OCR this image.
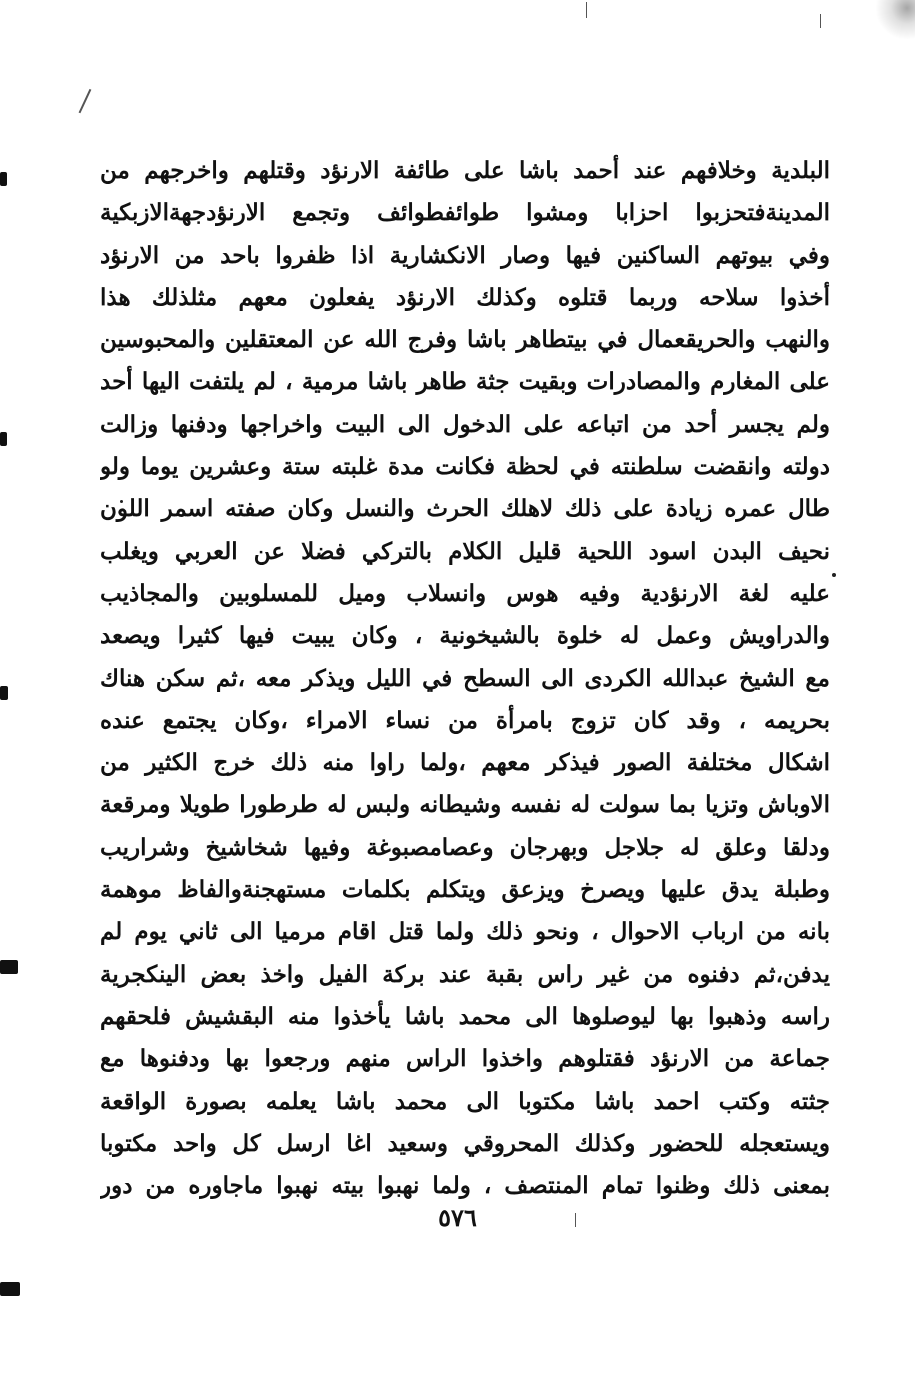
البلدية وخلافهم عند أحمد باشا على طائفة الارنؤد وقتلهم واخرجهم من
المدينةفتحزبوا احزابا ومشوا طوائفطوائف وتجمع الارنؤدجهةالازبكية
وفي بيوتهم الساكنين فيها وصار الانكشارية اذا ظفروا باحد من الارنؤد
أخذوا سلاحه وربما قتلوه وكذلك الارنؤد يفعلون معهم مثلذلك هذا
والنهب والحريقعمال في بيتطاهر باشا وفرج الله عن المعتقلين والمحبوسين
على المغارم والمصادرات وبقيت جثة طاهر باشا مرمية ، لم يلتفت اليها أحد
ولم يجسر أحد من اتباعه على الدخول الى البيت واخراجها ودفنها وزالت
دولته وانقضت سلطنته في لحظة فكانت مدة غلبته ستة وعشرين يوما ولو
طال عمره زيادة على ذلك لاهلك الحرث والنسل وكان صفته اسمر اللون
نحيف البدن اسود اللحية قليل الكلام بالتركي فضلا عن العربي ويغلب
عليه لغة الارنؤدية وفيه هوس وانسلاب وميل للمسلوبين والمجاذيب
والدراويش وعمل له خلوة بالشيخونية ، وكان يبيت فيها كثيرا ويصعد
مع الشيخ عبدالله الكردى الى السطح في الليل ويذكر معه ،ثم سكن هناك
بحريمه ، وقد كان تزوج بامرأة من نساء الامراء ،وكان يجتمع عنده
اشكال مختلفة الصور فيذكر معهم ،ولما راوا منه ذلك خرج الكثير من
الاوباش وتزيا بما سولت له نفسه وشيطانه ولبس له طرطورا طويلا ومرقعة
ودلقا وعلق له جلاجل وبهرجان وعصامصبوغة وفيها شخاشيخ وشراريب
وطبلة يدق عليها ويصرخ ويزعق ويتكلم بكلمات مستهجنةوالفاظ موهمة
بانه من ارباب الاحوال ، ونحو ذلك ولما قتل اقام مرميا الى ثاني يوم لم
يدفن،ثم دفنوه من غير راس بقبة عند بركة الفيل واخذ بعض الينكجرية
راسه وذهبوا بها ليوصلوها الى محمد باشا يأخذوا منه البقشيش فلحقهم
جماعة من الارنؤد فقتلوهم واخذوا الراس منهم ورجعوا بها ودفنوها مع
جثته وكتب احمد باشا مكتوبا الى محمد باشا يعلمه بصورة الواقعة
ويستعجله للحضور وكذلك المحروقي وسعيد اغا ارسل كل واحد مكتوبا
بمعنى ذلك وظنوا تمام المنتصف ، ولما نهبوا بيته نهبوا ماجاوره من دور
٥٧٦
